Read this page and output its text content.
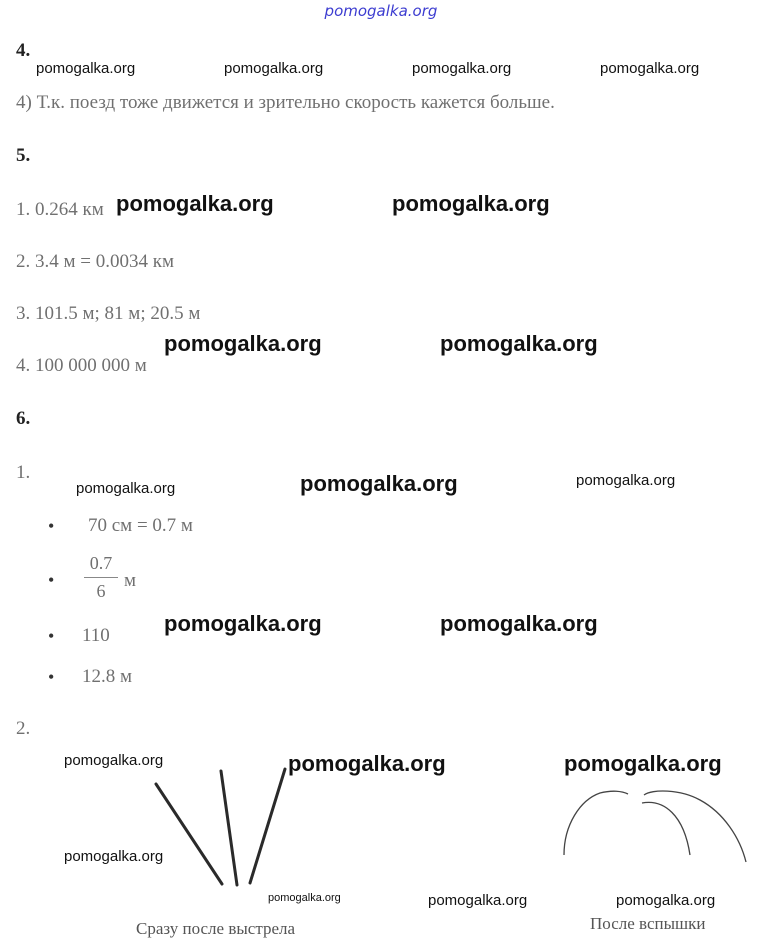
pomogalka.org
4.
4) Т.к. поезд тоже движется и зрительно скорость кажется больше.
5.
1. 0.264 км
2. 3.4 м = 0.0034 км
3. 101.5 м; 81 м; 20.5 м
4. 100 000 000 м
6.
1.
• 70 см = 0.7 м
•
0.7
6 м
• 110
• 12.8 м
2.
Сразу после выстрела	После вспышки
pomogalka.org	pomogalka.org	pomogalka.org	pomogalka.org
pomogalka.org	pomogalka.org
pomogalka.org	pomogalka.org
pomogalka.org	pomogalka.org	pomogalka.org
pomogalka.org	pomogalka.org
pomogalka.org	pomogalka.org	pomogalka.org
pomogalka.org
pomogalka.org	pomogalka.org	pomogalka.org
